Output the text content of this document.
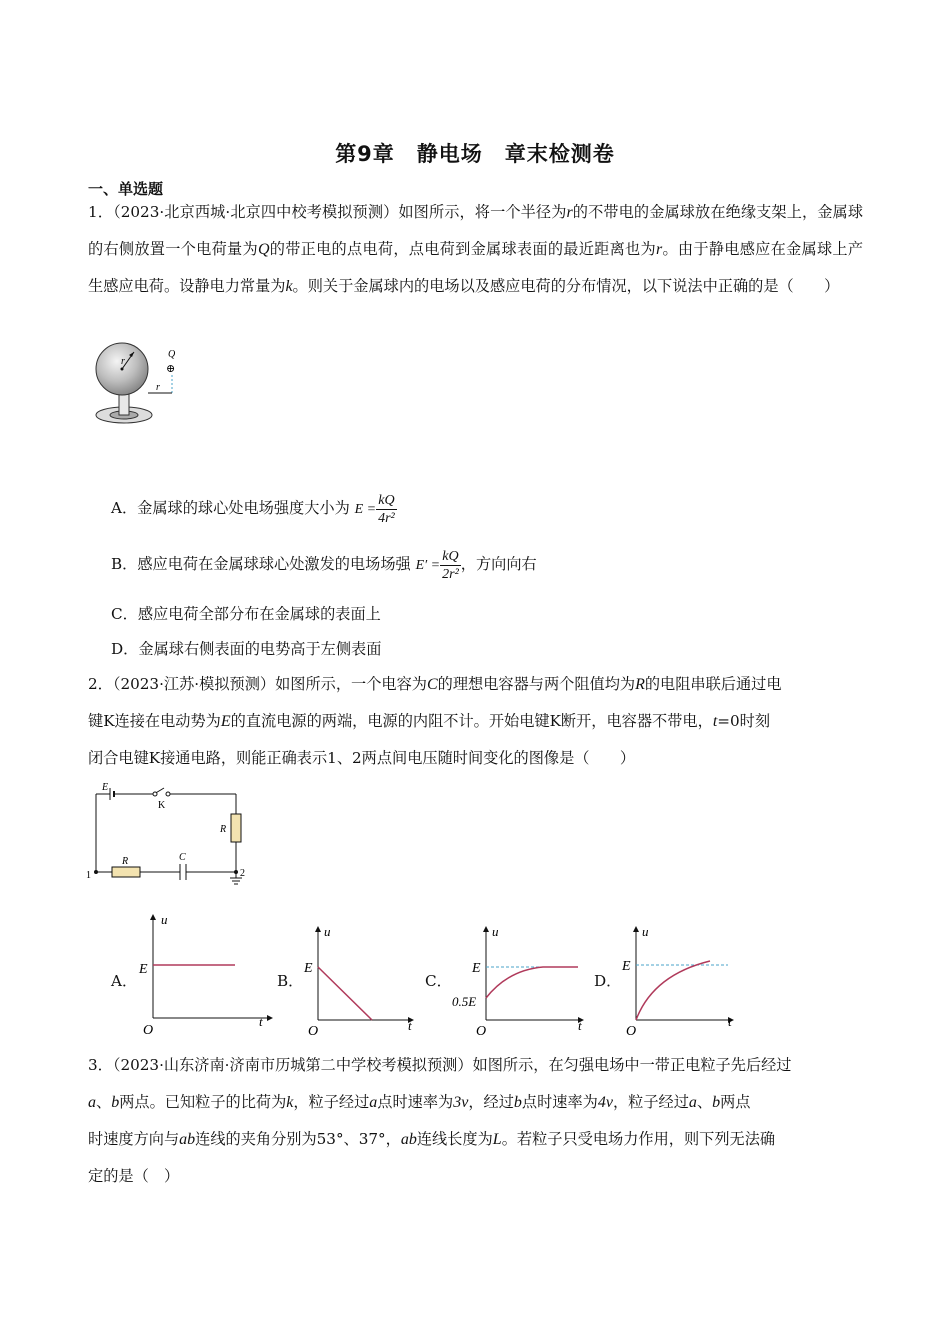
第9章　静电场　章末检测卷
一、单选题
1．（2023·北京西城·北京四中校考模拟预测）如图所示，将一个半径为r的不带电的金属球放在绝缘支架上，金属球的右侧放置一个电荷量为Q的带正电的点电荷，点电荷到金属球表面的最近距离也为r。由于静电感应在金属球上产生感应电荷。设静电力常量为k。则关于金属球内的电场以及感应电荷的分布情况，以下说法中正确的是（　　）
r
Q
⊕
r
A．金属球的球心处电场强度大小为 $E = \frac{kQ}{\text{4r²}}$
B．感应电荷在金属球球心处激发的电场场强 $E' = \frac{kQ}{\text{2r²}}$ ，方向向右
C．感应电荷全部分布在金属球的表面上
D．金属球右侧表面的电势高于左侧表面
2．（2023·江苏·模拟预测）如图所示，一个电容为C的理想电容器与两个阻值均为R的电阻串联后通过电
键K连接在电动势为E的直流电源的两端，电源的内阻不计。开始电键K断开，电容器不带电，t=0时刻
闭合电键K接通电路，则能正确表示1、2两点间电压随时间变化的图像是（　　）
E
K
R
R	C
1	2
A．
u
E
O
t
B．
u
E
O	t
C．
u
E
0.5E
O	t
D．
u
E
O
t
3．（2023·山东济南·济南市历城第二中学校考模拟预测）如图所示，在匀强电场中一带正电粒子先后经过
a、b两点。已知粒子的比荷为k，粒子经过a点时速率为3v，经过b点时速率为4v，粒子经过a、b两点
时速度方向与ab连线的夹角分别为53°、37°，ab连线长度为L。若粒子只受电场力作用，则下列无法确
定的是（　）
